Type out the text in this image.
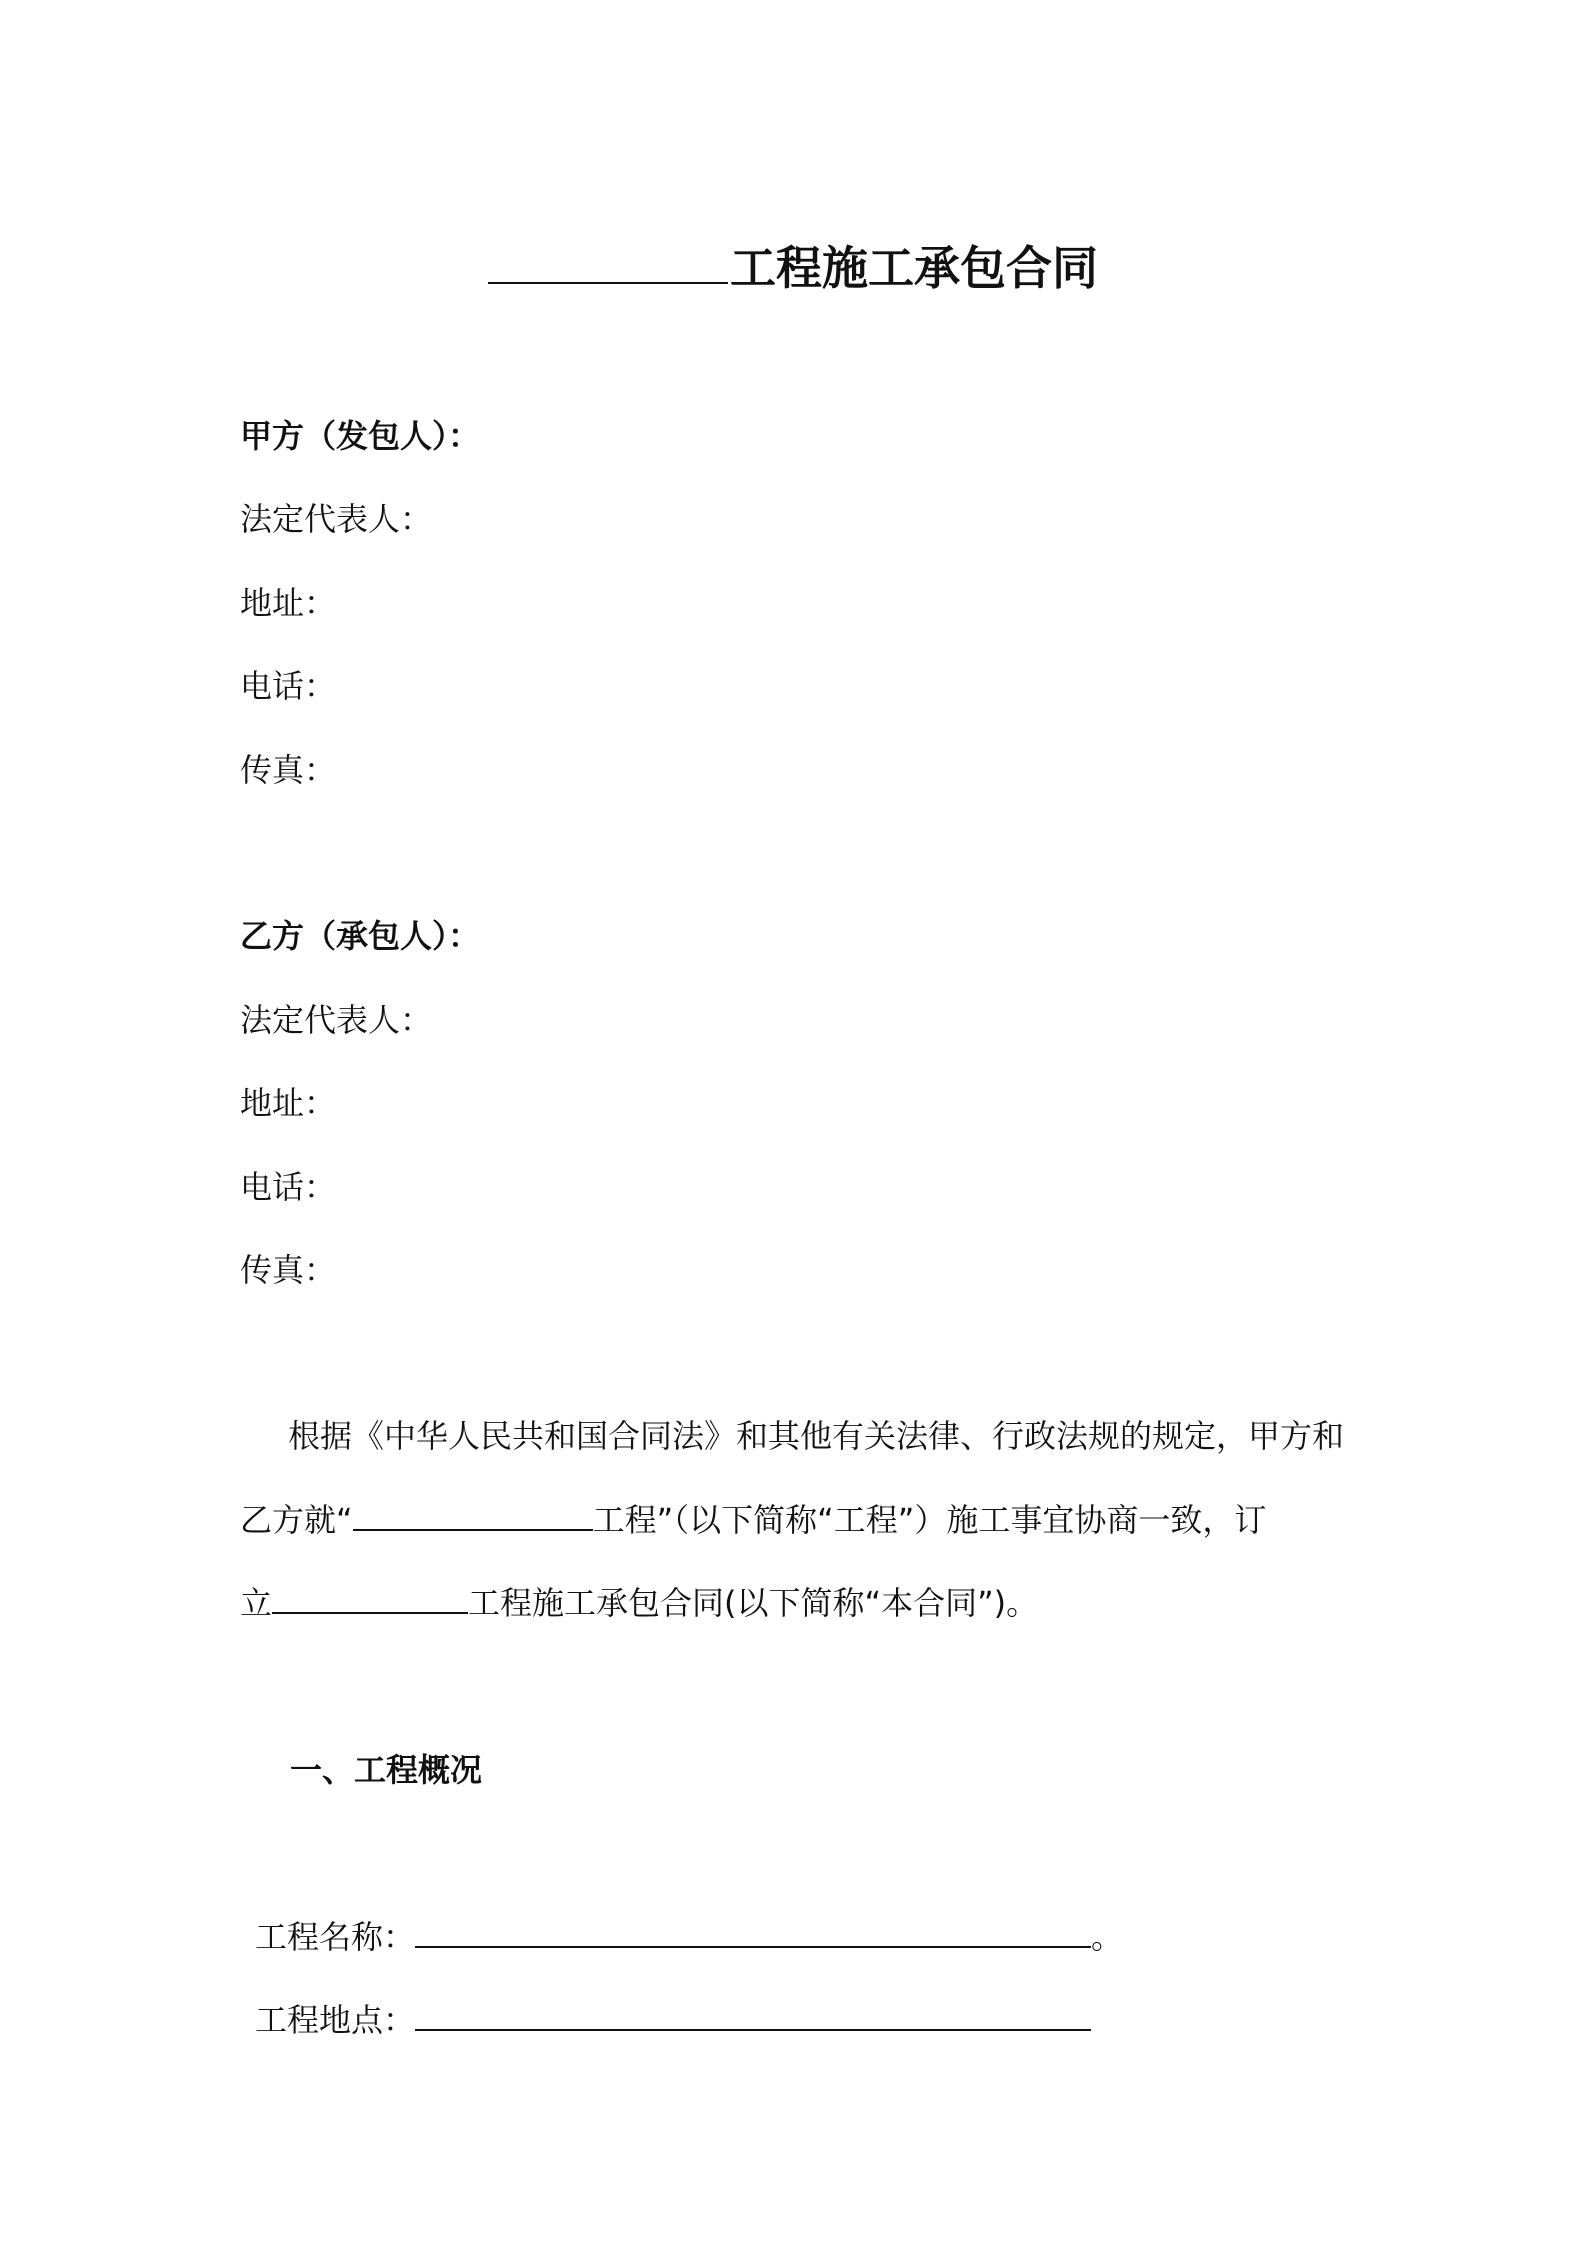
工程施工承包合同
甲方（发包人）：
法定代表人：
地址：
电话：
传真：
乙方（承包人）：
法定代表人：
地址：
电话：
传真：
根据《中华人民共和国合同法》和其他有关法律、行政法规的规定，甲方和
乙方就“	工程”（以下简称“工程”）施工事宜协商一致，订
立	工程施工承包合同(以下简称“本合同”)。
一、工程概况
工程名称：	。
工程地点：
